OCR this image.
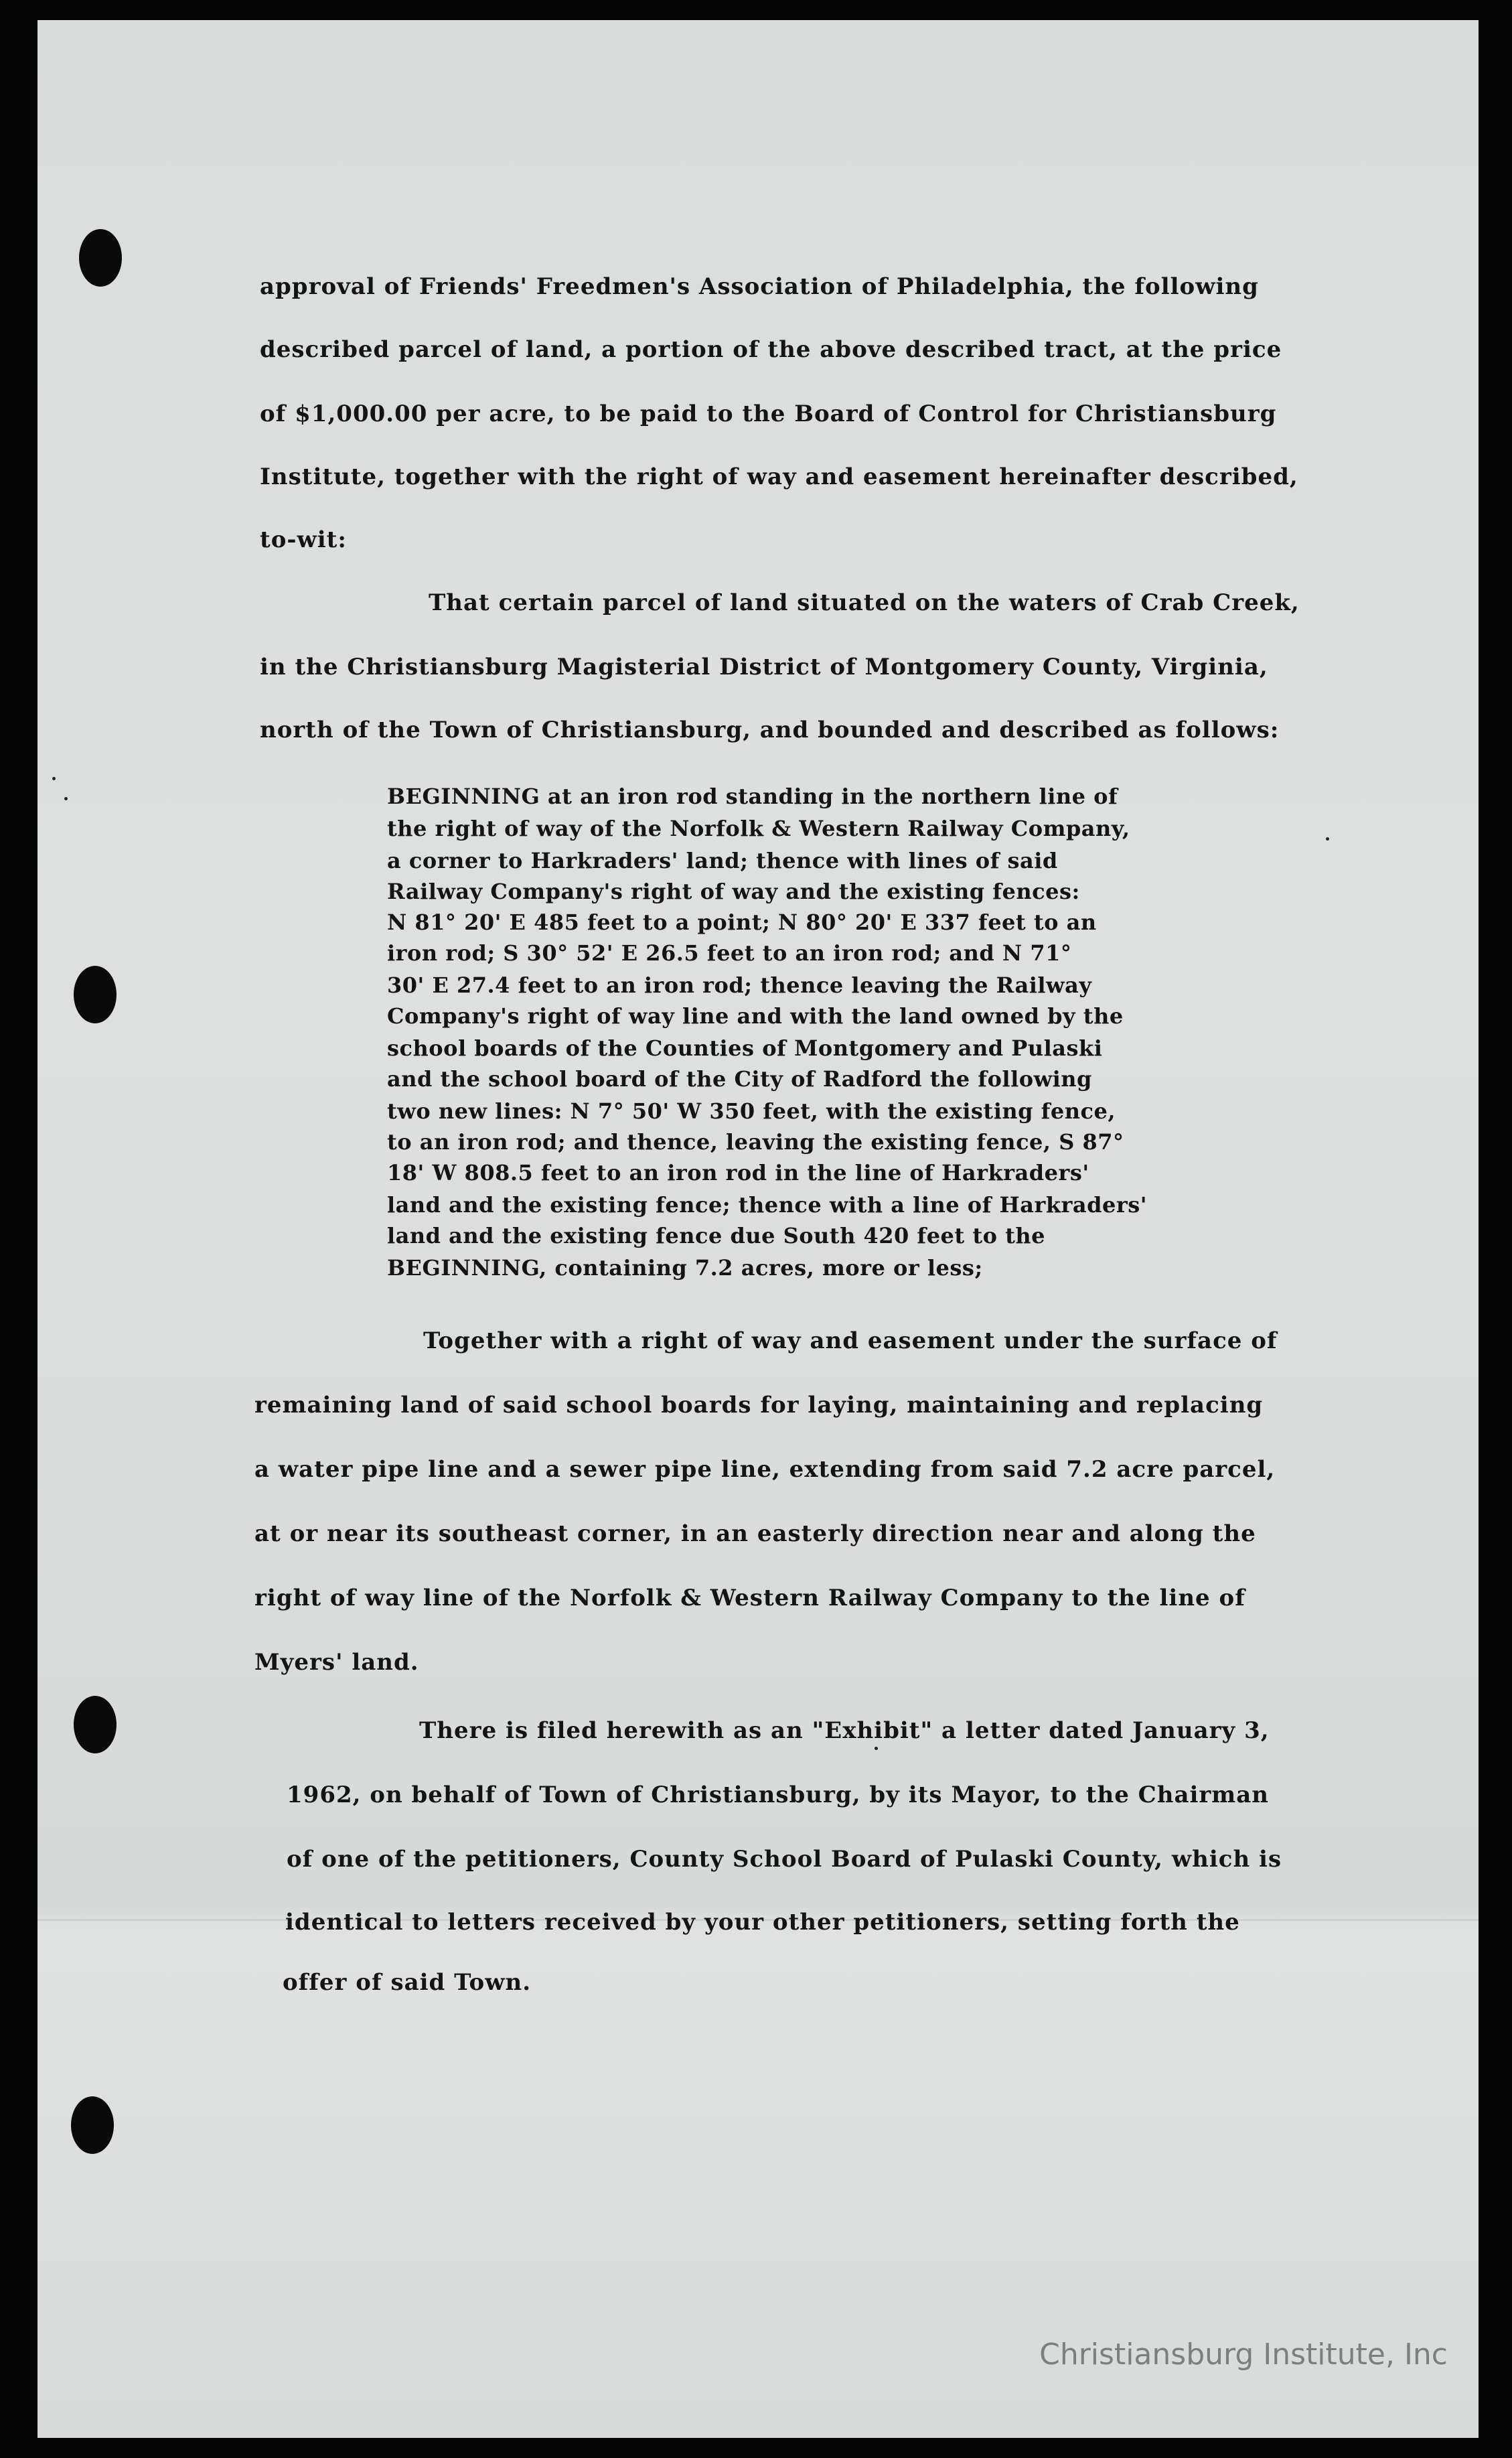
approval of Friends' Freedmen's Association of Philadelphia, the following
described parcel of land, a portion of the above described tract, at the price
of $1,000.00 per acre, to be paid to the Board of Control for Christiansburg
Institute, together with the right of way and easement hereinafter described,
to-wit:
That certain parcel of land situated on the waters of Crab Creek,
in the Christiansburg Magisterial District of Montgomery County, Virginia,
north of the Town of Christiansburg, and bounded and described as follows:
BEGINNING at an iron rod standing in the northern line of
the right of way of the Norfolk & Western Railway Company,
a corner to Harkraders' land; thence with lines of said
Railway Company's right of way and the existing fences:
N 81° 20' E 485 feet to a point; N 80° 20' E 337 feet to an
iron rod; S 30° 52' E 26.5 feet to an iron rod; and N 71°
30' E 27.4 feet to an iron rod; thence leaving the Railway
Company's right of way line and with the land owned by the
school boards of the Counties of Montgomery and Pulaski
and the school board of the City of Radford the following
two new lines: N 7° 50' W 350 feet, with the existing fence,
to an iron rod; and thence, leaving the existing fence, S 87°
18' W 808.5 feet to an iron rod in the line of Harkraders'
land and the existing fence; thence with a line of Harkraders'
land and the existing fence due South 420 feet to the
BEGINNING, containing 7.2 acres, more or less;
Together with a right of way and easement under the surface of
remaining land of said school boards for laying, maintaining and replacing
a water pipe line and a sewer pipe line, extending from said 7.2 acre parcel,
at or near its southeast corner, in an easterly direction near and along the
right of way line of the Norfolk & Western Railway Company to the line of
Myers' land.
There is filed herewith as an "Exhibit" a letter dated January 3,
1962, on behalf of Town of Christiansburg, by its Mayor, to the Chairman
of one of the petitioners, County School Board of Pulaski County, which is
identical to letters received by your other petitioners, setting forth the
offer of said Town.
Christiansburg Institute, Inc
